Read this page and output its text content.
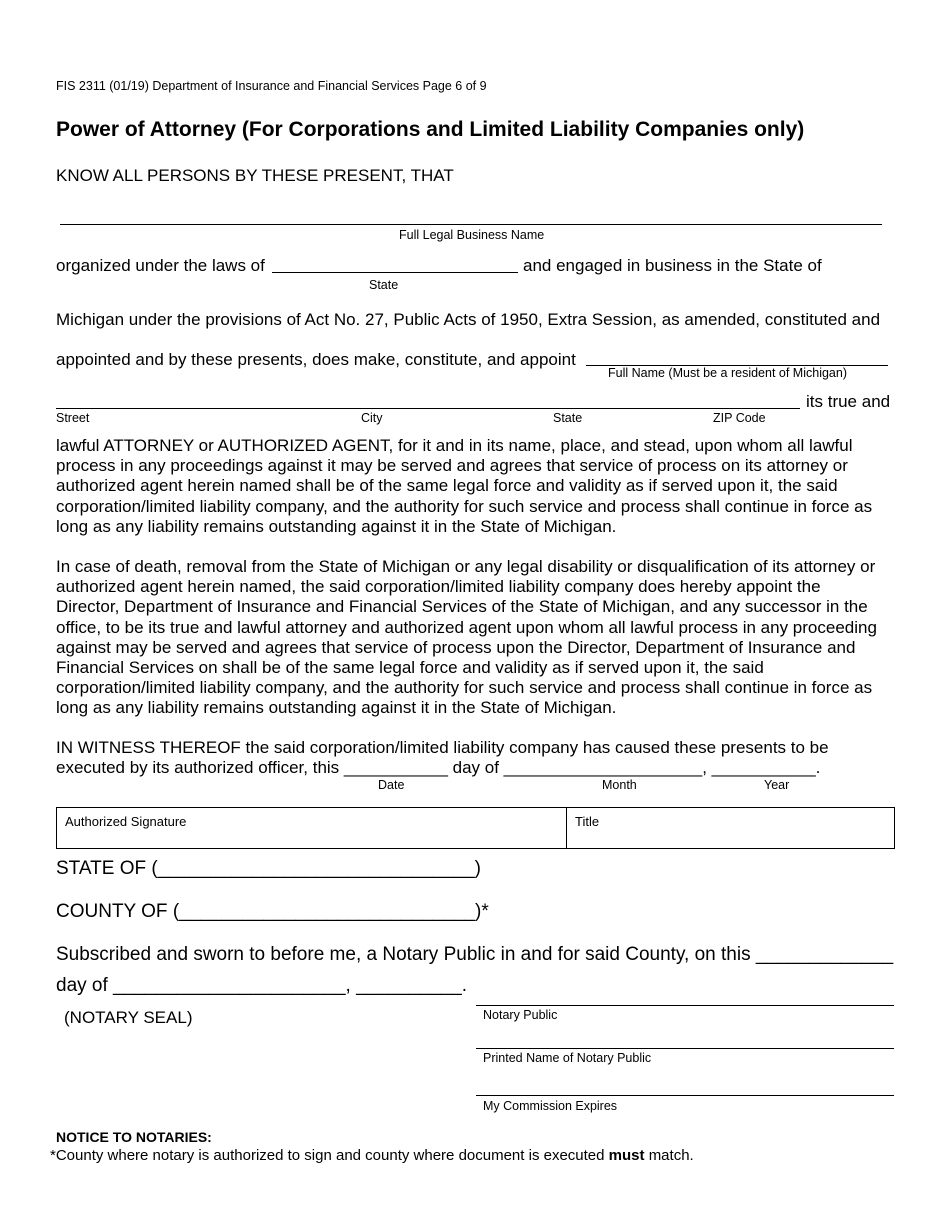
FIS 2311 (01/19) Department of Insurance and Financial Services Page 6 of 9
Power of Attorney (For Corporations and Limited Liability Companies only)
KNOW ALL PERSONS BY THESE PRESENT, THAT
Full Legal Business Name
organized under the laws of	and engaged in business in the State of
State
Michigan under the provisions of Act No. 27, Public Acts of 1950, Extra Session, as amended, constituted and
appointed and by these presents, does make, constitute, and appoint
Full Name (Must be a resident of Michigan)
its true and
Street	City	State	ZIP Code

lawful ATTORNEY or AUTHORIZED AGENT, for it and in its name, place, and stead, upon whom all lawful

process in any proceedings against it may be served and agrees that service of process on its attorney or

authorized agent herein named shall be of the same legal force and validity as if served upon it, the said

corporation/limited liability company, and the authority for such service and process shall continue in force as

long as any liability remains outstanding against it in the State of Michigan.

In case of death, removal from the State of Michigan or any legal disability or disqualification of its attorney or

authorized agent herein named, the said corporation/limited liability company does hereby appoint the

Director, Department of Insurance and Financial Services of the State of Michigan, and any successor in the

office, to be its true and lawful attorney and authorized agent upon whom all lawful process in any proceeding

against may be served and agrees that service of process upon the Director, Department of Insurance and

Financial Services on shall be of the same legal force and validity as if served upon it, the said

corporation/limited liability company, and the authority for such service and process shall continue in force as

long as any liability remains outstanding against it in the State of Michigan.

IN WITNESS THEREOF the said corporation/limited liability company has caused these presents to be
executed by its authorized officer, this ___________ day of _____________________, ___________.
Date	Month	Year
Authorized Signature	Title
STATE OF (______________________________)
COUNTY OF (____________________________)*
Subscribed and sworn to before me, a Notary Public in and for said County, on this _____________
day of ______________________, __________.
(NOTARY SEAL)	Notary Public
Printed Name of Notary Public
My Commission Expires
NOTICE TO NOTARIES:
*County where notary is authorized to sign and county where document is executed must match.
